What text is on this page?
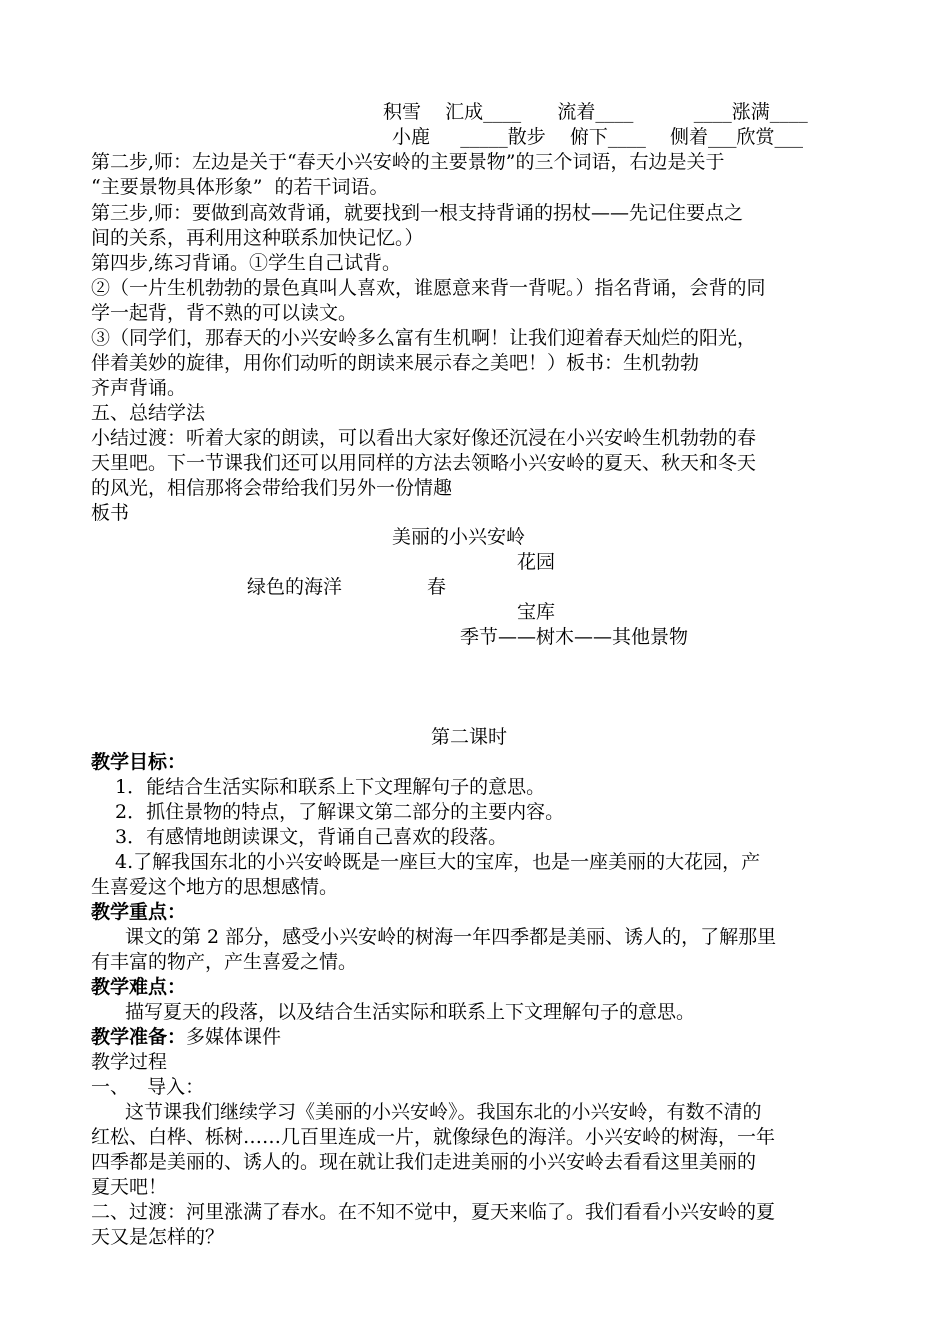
积雪    汇成____      流着____          ____涨满____
小鹿     _____散步    俯下____    侧着___欣赏___
第二步,师：左边是关于“春天小兴安岭的主要景物”的三个词语，右边是关于
“主要景物具体形象”  的若干词语。
第三步,师：要做到高效背诵，就要找到一根支持背诵的拐杖——先记住要点之
间的关系，再利用这种联系加快记忆。）
第四步,练习背诵。①学生自己试背。
②（一片生机勃勃的景色真叫人喜欢，谁愿意来背一背呢。）指名背诵，会背的同
学一起背，背不熟的可以读文。
③（同学们，那春天的小兴安岭多么富有生机啊！让我们迎着春天灿烂的阳光，
伴着美妙的旋律，用你们动听的朗读来展示春之美吧！）板书：生机勃勃
齐声背诵。
五、总结学法
小结过渡：听着大家的朗读，可以看出大家好像还沉浸在小兴安岭生机勃勃的春
天里吧。下一节课我们还可以用同样的方法去领略小兴安岭的夏天、秋天和冬天
的风光，相信那将会带给我们另外一份情趣
板书
美丽的小兴安岭
花园
绿色的海洋	春
宝库
季节——树木——其他景物
第二课时
教学目标：
1．能结合生活实际和联系上下文理解句子的意思。
2．抓住景物的特点，了解课文第二部分的主要内容。
3．有感情地朗读课文，背诵自己喜欢的段落。
4.了解我国东北的小兴安岭既是一座巨大的宝库，也是一座美丽的大花园，产
生喜爱这个地方的思想感情。
教学重点：
课文的第 2 部分，感受小兴安岭的树海一年四季都是美丽、诱人的，了解那里
有丰富的物产，产生喜爱之情。
教学难点：
描写夏天的段落，以及结合生活实际和联系上下文理解句子的意思。
教学准备：多媒体课件
教学过程
一、   导入：
这节课我们继续学习《美丽的小兴安岭》。我国东北的小兴安岭，有数不清的
红松、白桦、栎树……几百里连成一片，就像绿色的海洋。小兴安岭的树海，一年
四季都是美丽的、诱人的。现在就让我们走进美丽的小兴安岭去看看这里美丽的
夏天吧！
二、过渡：河里涨满了春水。在不知不觉中，夏天来临了。我们看看小兴安岭的夏
天又是怎样的？
